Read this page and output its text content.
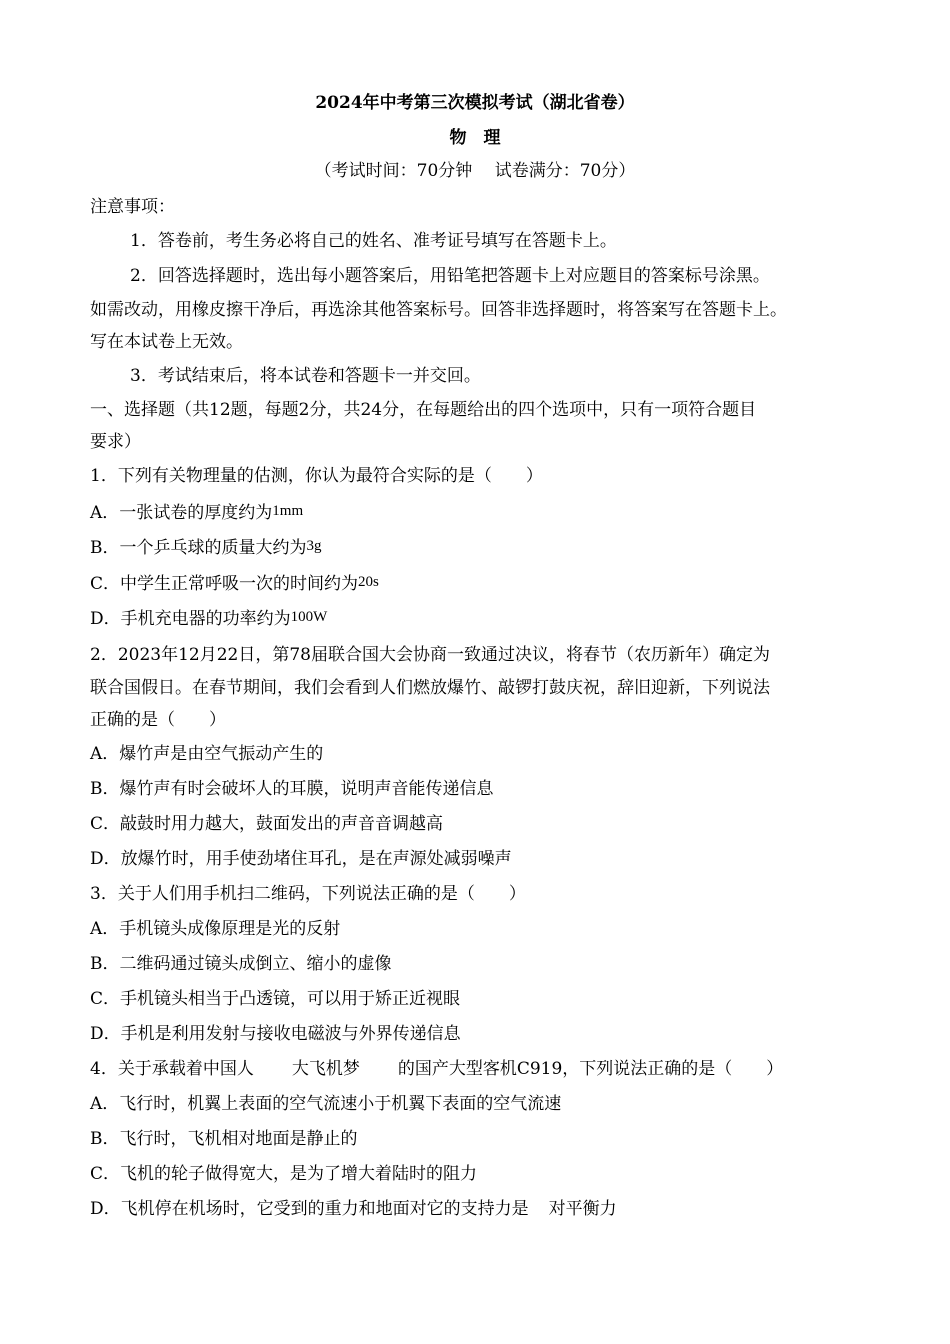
2024年中考第三次模拟考试（湖北省卷）
物　理
（考试时间：70分钟　 试卷满分：70分）
注意事项：
1．答卷前，考生务必将自己的姓名、准考证号填写在答题卡上。
2．回答选择题时，选出每小题答案后，用铅笔把答题卡上对应题目的答案标号涂黑。
如需改动，用橡皮擦干净后，再选涂其他答案标号。回答非选择题时，将答案写在答题卡上。
写在本试卷上无效。
3．考试结束后，将本试卷和答题卡一并交回。
一、选择题（共12题，每题2分，共24分，在每题给出的四个选项中，只有一项符合题目
要求）
1．下列有关物理量的估测，你认为最符合实际的是（　　）
A．一张试卷的厚度约为1mm
B．一个乒乓球的质量大约为3g
C．中学生正常呼吸一次的时间约为20s
D．手机充电器的功率约为100W
2．2023年12月22日，第78届联合国大会协商一致通过决议，将春节（农历新年）确定为
联合国假日。在春节期间，我们会看到人们燃放爆竹、敲锣打鼓庆祝，辞旧迎新，下列说法
正确的是（　　）
A．爆竹声是由空气振动产生的
B．爆竹声有时会破坏人的耳膜，说明声音能传递信息
C．敲鼓时用力越大，鼓面发出的声音音调越高
D．放爆竹时，用手使劲堵住耳孔，是在声源处减弱噪声
3．关于人们用手机扫二维码，下列说法正确的是（　　）
A．手机镜头成像原理是光的反射
B．二维码通过镜头成倒立、缩小的虚像
C．手机镜头相当于凸透镜，可以用于矫正近视眼
D．手机是利用发射与接收电磁波与外界传递信息
4．关于承载着中国人 大飞机梦 的国产大型客机C919，下列说法正确的是（　　）
A．飞行时，机翼上表面的空气流速小于机翼下表面的空气流速
B．飞行时，飞机相对地面是静止的
C．飞机的轮子做得宽大，是为了增大着陆时的阻力
D．飞机停在机场时，它受到的重力和地面对它的支持力是 对平衡力
